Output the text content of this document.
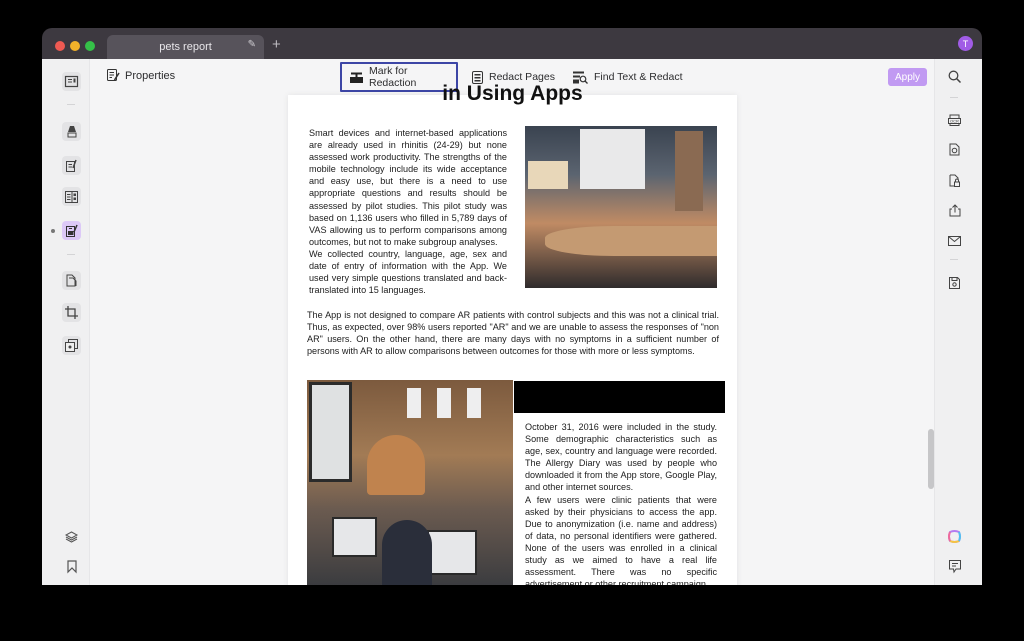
pets report	✎ +	T
Properties	Mark for Redaction	Redact Pages	Find Text & Redact	Apply
in Using Apps
Smart devices and internet-based applications are already used in rhinitis (24-29) but none assessed work productivity. The strengths of the mobile technology include its wide acceptance and easy use, but there is a need to use appropriate questions and results should be assessed by pilot studies. This pilot study was based on 1,136 users who filled in 5,789 days of VAS allowing us to perform comparisons among outcomes, but not to make subgroup analyses.
We collected country, language, age, sex and date of entry of information with the App. We used very simple questions translated and back-translated into 15 languages.
The App is not designed to compare AR patients with control subjects and this was not a clinical trial. Thus, as expected, over 98% users reported "AR" and we are unable to assess the responses of "non AR" users. On the other hand, there are many days with no symptoms in a sufficient number of persons with AR to allow comparisons between outcomes for those with more or less symptoms.
October 31, 2016 were included in the study. Some demographic characteristics such as age, sex, country and language were recorded. The Allergy Diary was used by people who downloaded it from the App store, Google Play, and other internet sources.
A few users were clinic patients that were asked by their physicians to access the app. Due to anonymization (i.e. name and address) of data, no personal identifiers were gathered. None of the users was enrolled in a clinical study as we aimed to have a real life assessment. There was no specific
OCR
